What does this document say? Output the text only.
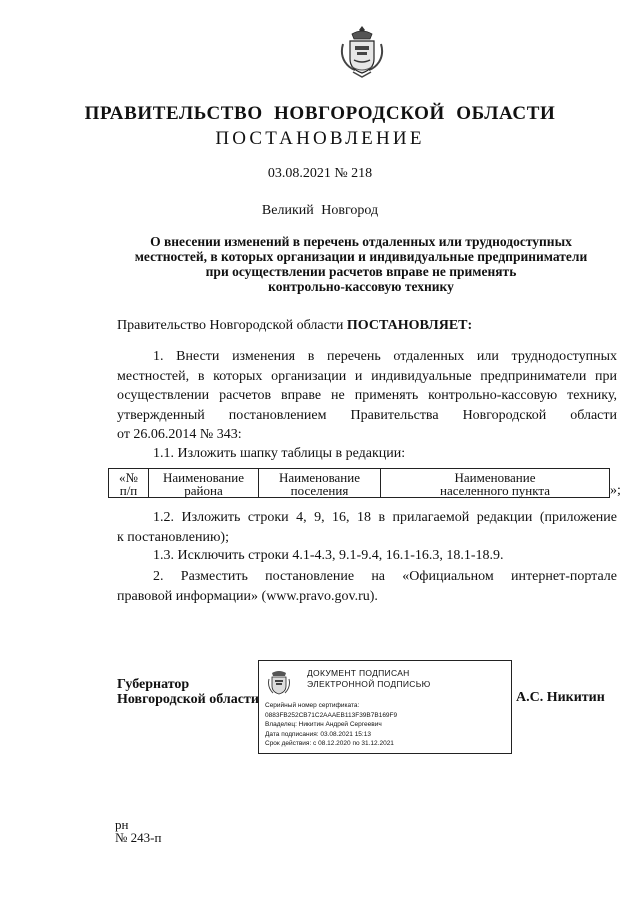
ПРАВИТЕЛЬСТВО НОВГОРОДСКОЙ ОБЛАСТИ
ПОСТАНОВЛЕНИЕ
03.08.2021 № 218
Великий Новгород
О внесении изменений в перечень отдаленных или труднодоступных
местностей, в которых организации и индивидуальные предприниматели
при осуществлении расчетов вправе не применять
контрольно-кассовую технику
Правительство Новгородской области ПОСТАНОВЛЯЕТ:
1. Внести изменения в перечень отдаленных или труднодоступных
местностей, в которых организации и индивидуальные предприниматели при
осуществлении расчетов вправе не применять контрольно-кассовую технику,
утвержденный постановлением Правительства Новгородской области
от 26.06.2014 № 343:
1.1. Изложить шапку таблицы в редакции:
«№
п/п
Наименование
района
Наименование
поселения
Наименование
населенного пункта	»;
1.2. Изложить строки 4, 9, 16, 18 в прилагаемой редакции (приложение
к постановлению);
1.3. Исключить строки 4.1-4.3, 9.1-9.4, 16.1-16.3, 18.1-18.9.
2. Разместить постановление на «Официальном интернет-портале
правовой информации» (www.pravo.gov.ru).
Губернатор
Новгородской области
ДОКУМЕНТ ПОДПИСАН
ЭЛЕКТРОННОЙ ПОДПИСЬЮ
Серийный номер сертификата:
0883FB252CB71C2AAAEB113F39B7B169F9
Владелец: Никитин Андрей Сергеевич
Дата подписания: 03.08.2021 15:13
Срок действия: с 08.12.2020 по 31.12.2021
А.С. Никитин
рн
№ 243-п
